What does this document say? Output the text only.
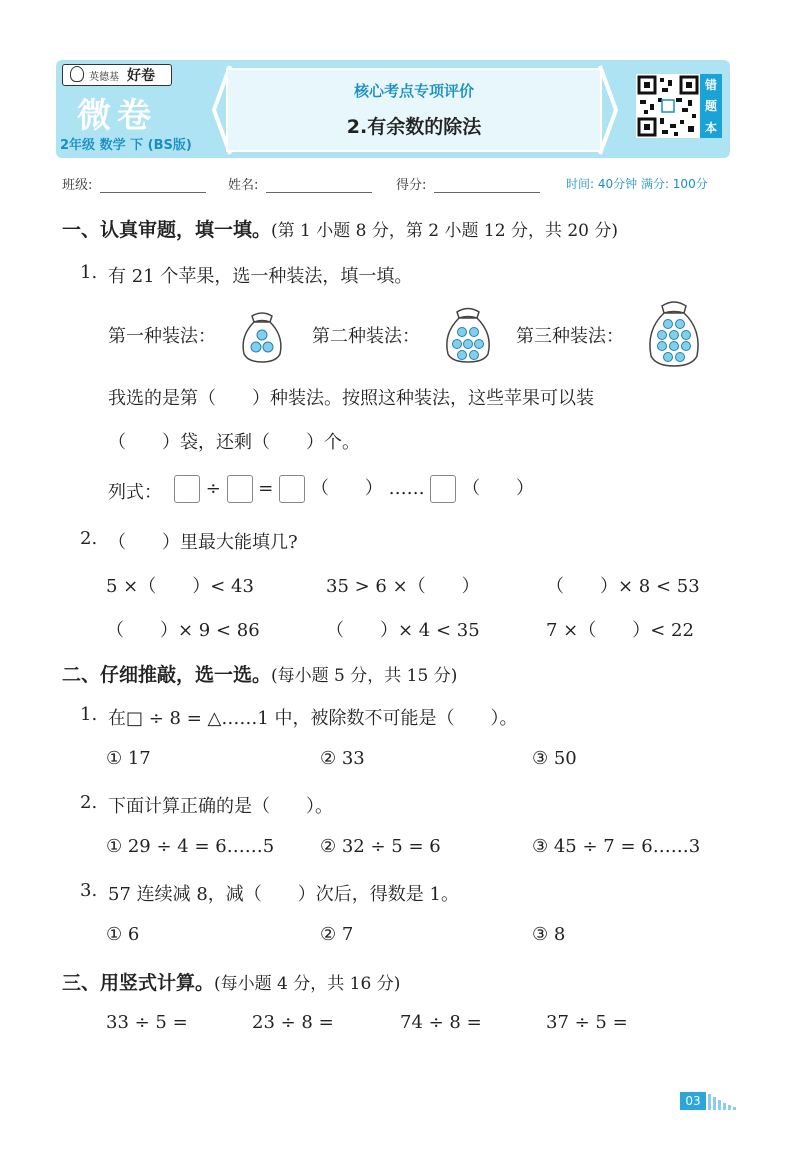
英德基 好卷
微卷
2年级 数学 下 (BS版)
核心考点专项评价
2.有余数的除法
错
题
本
班级:	姓名:	得分:	时间: 40分钟 满分: 100分
一、认真审题，填一填。(第 1 小题 8 分，第 2 小题 12 分，共 20 分)
1. 有 21 个苹果，选一种装法，填一填。
第一种装法：	第二种装法：	第三种装法：
我选的是第（　　）种装法。按照这种装法，这些苹果可以装
（　　）袋，还剩（　　）个。
列式：	÷ = （　　） …… （　　）
2. （　　）里最大能填几?
5 ×（　　）< 43	35 > 6 ×（　　）	（　　）× 8 < 53
（　　）× 9 < 86	（　　）× 4 < 35	7 ×（　　）< 22
二、仔细推敲，选一选。(每小题 5 分，共 15 分)
1. 在□ ÷ 8 = △……1 中，被除数不可能是（　　）。
① 17	② 33	③ 50
2. 下面计算正确的是（　　）。
① 29 ÷ 4 = 6……5	② 32 ÷ 5 = 6	③ 45 ÷ 7 = 6……3
3. 57 连续减 8，减（　　）次后，得数是 1。
① 6	② 7	③ 8
三、用竖式计算。(每小题 4 分，共 16 分)
33 ÷ 5 =	23 ÷ 8 =	74 ÷ 8 =	37 ÷ 5 =
03
